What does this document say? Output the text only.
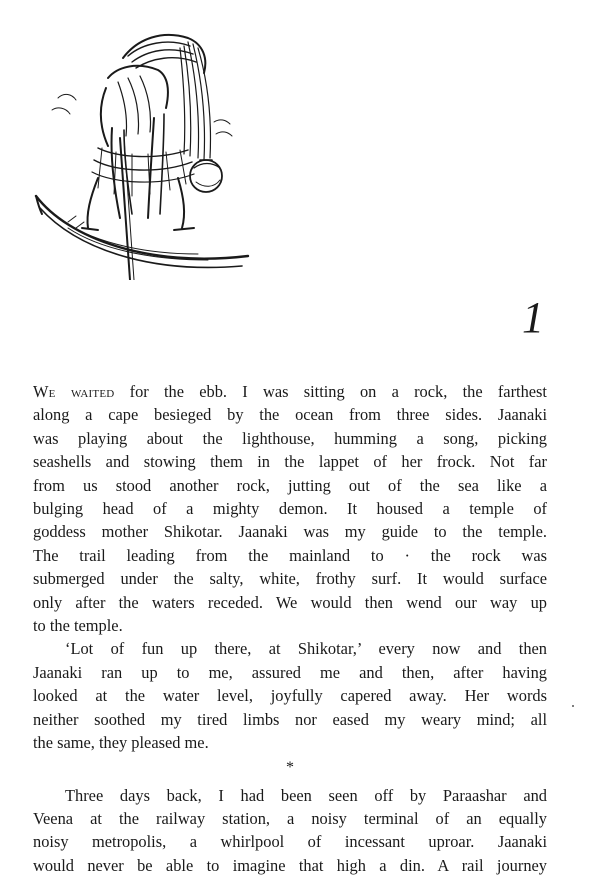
1

We waited for the ebb. I was sitting on a rock, the farthest
along a cape besieged by the ocean from three sides. Jaanaki
was playing about the lighthouse, humming a song, picking
seashells and stowing them in the lappet of her frock. Not far
from us stood another rock, jutting out of the sea like a
bulging head of a mighty demon. It housed a temple of
goddess mother Shikotar. Jaanaki was my guide to the temple.
The trail leading from the mainland to · the rock was
submerged under the salty, white, frothy surf. It would surface
only after the waters receded. We would then wend our way up
to the temple.

‘Lot of fun up there, at Shikotar,’ every now and then
Jaanaki ran up to me, assured me and then, after having
looked at the water level, joyfully capered away. Her words
neither soothed my tired limbs nor eased my weary mind; all
the same, they pleased me.

*

Three days back, I had been seen off by Paraashar and
Veena at the railway station, a noisy terminal of an equally
noisy metropolis, a whirlpool of incessant uproar. Jaanaki
would never be able to imagine that high a din. A rail journey
